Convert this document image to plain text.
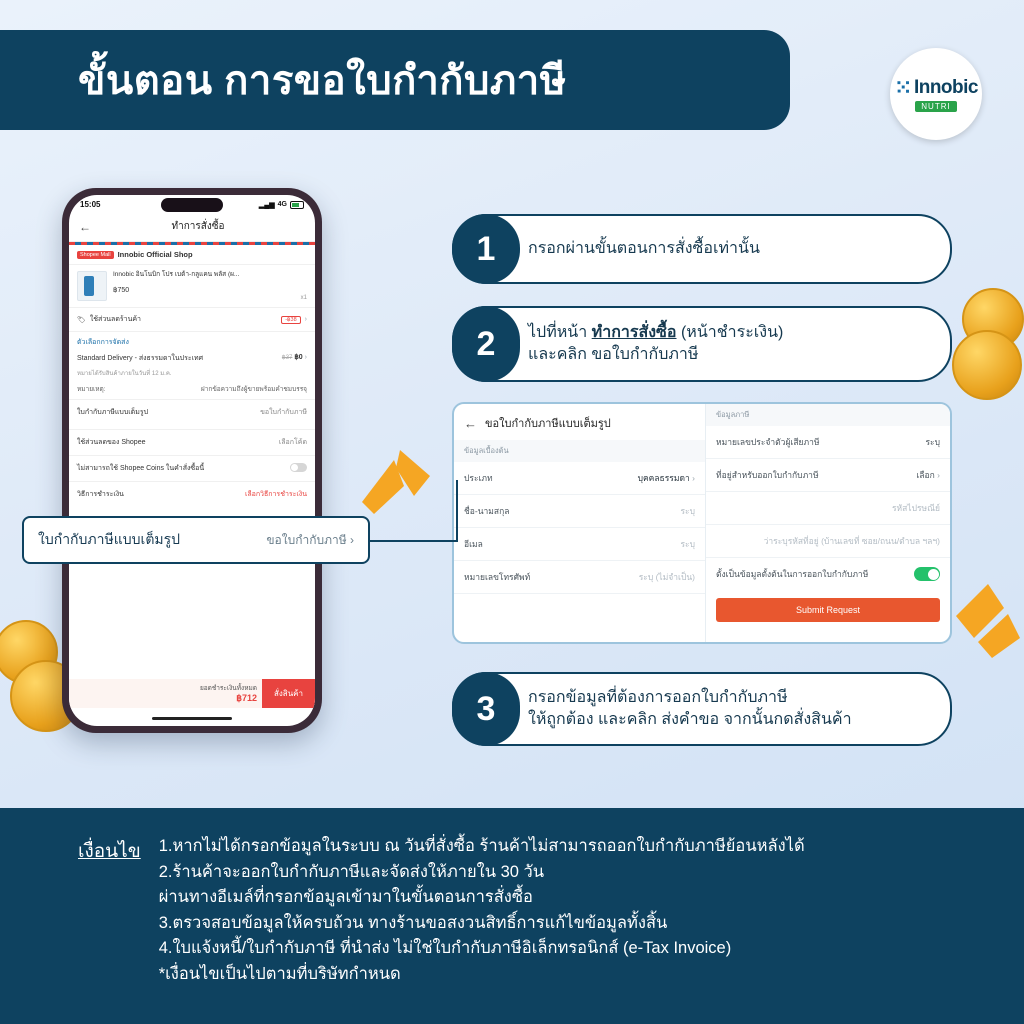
ขั้นตอน การขอใบกำกับภาษี	⁙ Innobic
NUTRI
15:05	▂▄▆ 4G
←	ทำการสั่งซื้อ
Shopee Mall Innobic Official Shop
Innobic อินโนบิก โปร เบต้า-กลูแคน พลัส (ผ...
฿750
x1
🏷 ใช้ส่วนลดร้านค้า	-฿38	›
ตัวเลือกการจัดส่ง
Standard Delivery - ส่งธรรมดาในประเทศ	฿37 ฿0 ›
หมายได้รับสินค้าภายในวันที่ 12 ม.ค.
หมายเหตุ:	ฝากข้อความถึงผู้ขายพร้อมคำชมบรรจุ
ใบกำกับภาษีแบบเต็มรูป	ขอใบกำกับภาษี
ใช้ส่วนลดของ Shopee	เลือกโค้ด
ไม่สามารถใช้ Shopee Coins ในคำสั่งซื้อนี้
วิธีการชำระเงิน	เลือกวิธีการชำระเงิน
ยอดชำระเงินทั้งหมด
฿712	สั่งสินค้า
ใบกำกับภาษีแบบเต็มรูป	ขอใบกำกับภาษี ›
1	กรอกผ่านขั้นตอนการสั่งซื้อเท่านั้น
2	ไปที่หน้า ทำการสั่งซื้อ (หน้าชำระเงิน)
และคลิก ขอใบกำกับภาษี
3	กรอกข้อมูลที่ต้องการออกใบกำกับภาษี
ให้ถูกต้อง และคลิก ส่งคำขอ จากนั้นกดสั่งสินค้า
← ขอใบกำกับภาษีแบบเต็มรูป
ข้อมูลเบื้องต้น
ประเภท	บุคคลธรรมดา ›
ชื่อ-นามสกุล	ระบุ
อีเมล	ระบุ
หมายเลขโทรศัพท์	ระบุ (ไม่จำเป็น)
ข้อมูลภาษี
หมายเลขประจำตัวผู้เสียภาษี	ระบุ
ที่อยู่สำหรับออกใบกำกับภาษี	เลือก ›
รหัสไปรษณีย์
ว่าระบุรหัสที่อยู่ (บ้านเลขที่ ซอย/ถนน/ตำบล ฯลฯ)
ตั้งเป็นข้อมูลตั้งต้นในการออกใบกำกับภาษี
Submit Request
เงื่อนไข 1.หากไม่ได้กรอกข้อมูลในระบบ ณ วันที่สั่งซื้อ ร้านค้าไม่สามารถออกใบกำกับภาษีย้อนหลังได้
2.ร้านค้าจะออกใบกำกับภาษีและจัดส่งให้ภายใน 30 วัน
ผ่านทางอีเมล์ที่กรอกข้อมูลเข้ามาในขั้นตอนการสั่งซื้อ
3.ตรวจสอบข้อมูลให้ครบถ้วน ทางร้านขอสงวนสิทธิ์การแก้ไขข้อมูลทั้งสิ้น
4.ใบแจ้งหนี้/ใบกำกับภาษี ที่นำส่ง ไม่ใช่ใบกำกับภาษีอิเล็กทรอนิกส์ (e-Tax Invoice)
*เงื่อนไขเป็นไปตามที่บริษัทกำหนด
